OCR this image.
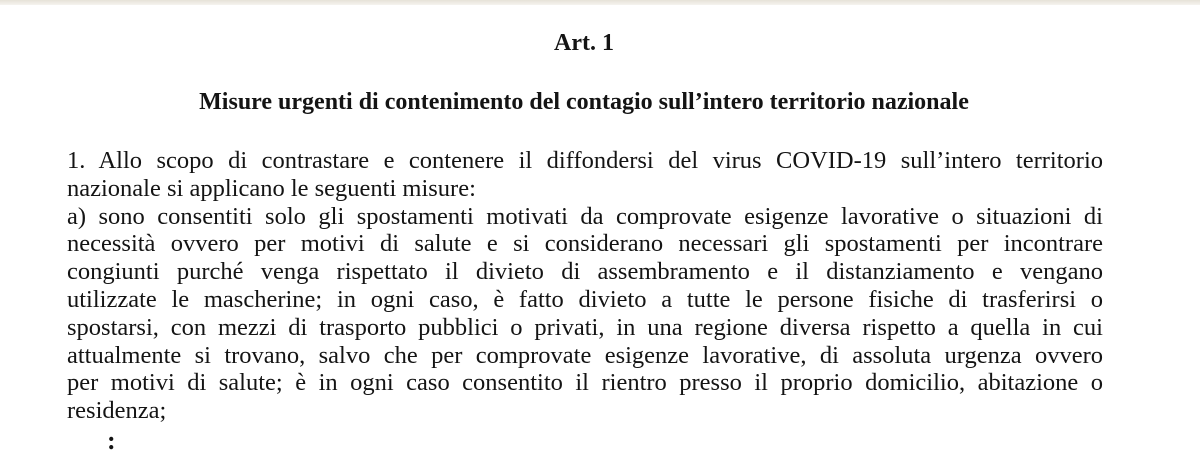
Art. 1
Misure urgenti di contenimento del contagio sull’intero territorio nazionale
1. Allo scopo di contrastare e contenere il diffondersi del virus COVID-19 sull’intero territorio
nazionale si applicano le seguenti misure:
a) sono consentiti solo gli spostamenti motivati da comprovate esigenze lavorative o situazioni di
necessità ovvero per motivi di salute e si considerano necessari gli spostamenti per incontrare
congiunti purché venga rispettato il divieto di assembramento e il distanziamento e vengano
utilizzate le mascherine; in ogni caso, è fatto divieto a tutte le persone fisiche di trasferirsi o
spostarsi, con mezzi di trasporto pubblici o privati, in una regione diversa rispetto a quella in cui
attualmente si trovano, salvo che per comprovate esigenze lavorative, di assoluta urgenza ovvero
per motivi di salute; è in ogni caso consentito il rientro presso il proprio domicilio, abitazione o
residenza;
:
